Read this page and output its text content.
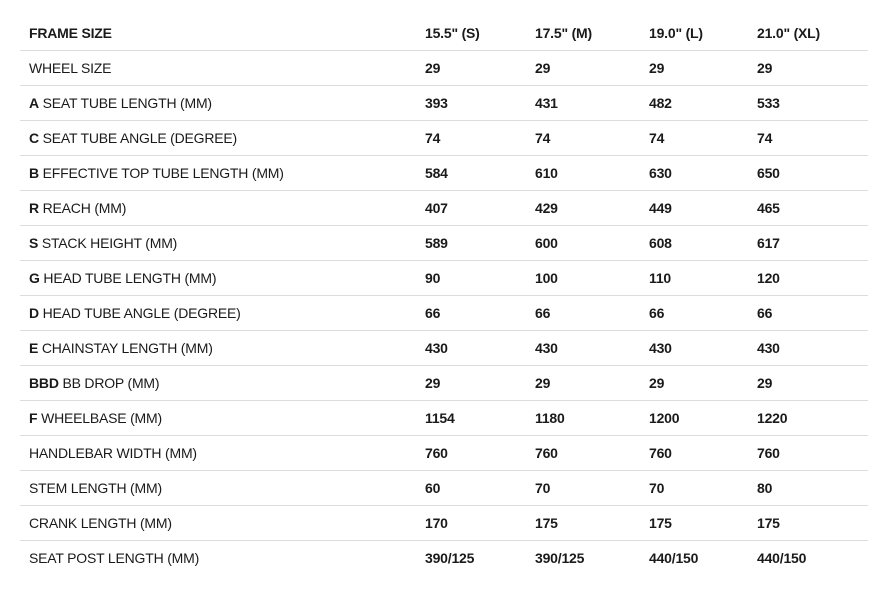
FRAME SIZE	15.5" (S)	17.5" (M)	19.0" (L)	21.0" (XL)
WHEEL SIZE	29	29	29	29
A SEAT TUBE LENGTH (MM)	393	431	482	533
C SEAT TUBE ANGLE (DEGREE)	74	74	74	74
B EFFECTIVE TOP TUBE LENGTH (MM)	584	610	630	650
R REACH (MM)	407	429	449	465
S STACK HEIGHT (MM)	589	600	608	617
G HEAD TUBE LENGTH (MM)	90	100	110	120
D HEAD TUBE ANGLE (DEGREE)	66	66	66	66
E CHAINSTAY LENGTH (MM)	430	430	430	430
BBD BB DROP (MM)	29	29	29	29
F WHEELBASE (MM)	1154	1180	1200	1220
HANDLEBAR WIDTH (MM)	760	760	760	760
STEM LENGTH (MM)	60	70	70	80
CRANK LENGTH (MM)	170	175	175	175
SEAT POST LENGTH (MM)	390/125	390/125	440/150	440/150
